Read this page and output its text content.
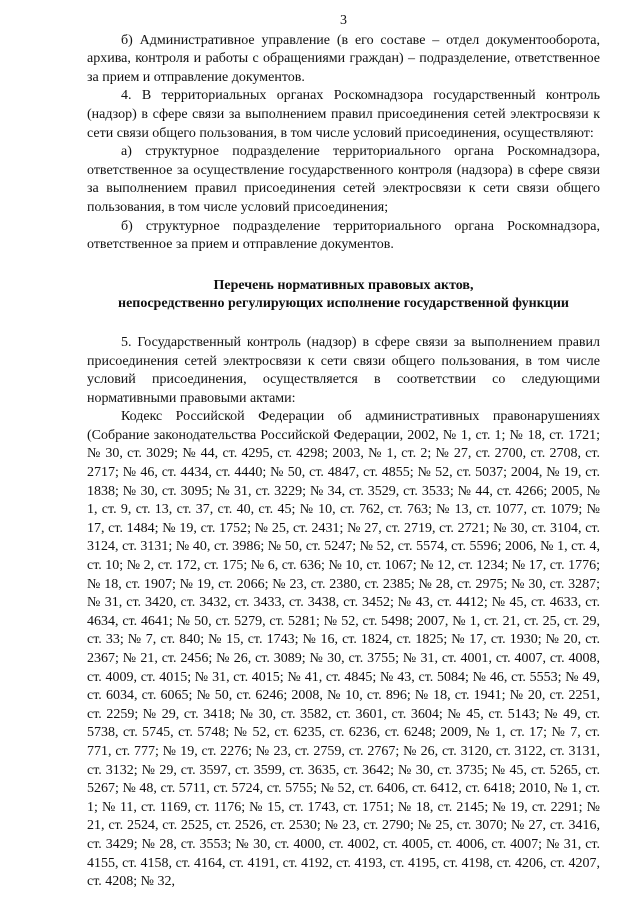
3

б) Административное управление (в его составе – отдел документооборота, архива, контроля и работы с обращениями граждан) – подразделение, ответственное за прием и отправление документов.

4. В территориальных органах Роскомнадзора государственный контроль (надзор) в сфере связи за выполнением правил присоединения сетей электросвязи к сети связи общего пользования, в том числе условий присоединения, осуществляют:

а) структурное подразделение территориального органа Роскомнадзора, ответственное за осуществление государственного контроля (надзора) в сфере связи за выполнением правил присоединения сетей электросвязи к сети связи общего пользования, в том числе условий присоединения;

б) структурное подразделение территориального органа Роскомнадзора, ответственное за прием и отправление документов.

Перечень нормативных правовых актов,
непосредственно регулирующих исполнение государственной функции

5. Государственный контроль (надзор) в сфере связи за выполнением правил присоединения сетей электросвязи к сети связи общего пользования, в том числе условий присоединения, осуществляется в соответствии со следующими нормативными правовыми актами:

Кодекс Российской Федерации об административных правонарушениях (Собрание законодательства Российской Федерации, 2002, № 1, ст. 1; № 18, ст. 1721; № 30, ст. 3029; № 44, ст. 4295, ст. 4298; 2003, № 1, ст. 2; № 27, ст. 2700, ст. 2708, ст. 2717; № 46, ст. 4434, ст. 4440; № 50, ст. 4847, ст. 4855; № 52, ст. 5037; 2004, № 19, ст. 1838; № 30, ст. 3095; № 31, ст. 3229; № 34, ст. 3529, ст. 3533; № 44, ст. 4266; 2005, № 1, ст. 9, ст. 13, ст. 37, ст. 40, ст. 45; № 10, ст. 762, ст. 763; № 13, ст. 1077, ст. 1079; № 17, ст. 1484; № 19, ст. 1752; № 25, ст. 2431; № 27, ст. 2719, ст. 2721; № 30, ст. 3104, ст. 3124, ст. 3131; № 40, ст. 3986; № 50, ст. 5247; № 52, ст. 5574, ст. 5596; 2006, № 1, ст. 4, ст. 10; № 2, ст. 172, ст. 175; № 6, ст. 636; № 10, ст. 1067; № 12, ст. 1234; № 17, ст. 1776; № 18, ст. 1907; № 19, ст. 2066; № 23, ст. 2380, ст. 2385; № 28, ст. 2975; № 30, ст. 3287; № 31, ст. 3420, ст. 3432, ст. 3433, ст. 3438, ст. 3452; № 43, ст. 4412; № 45, ст. 4633, ст. 4634, ст. 4641; № 50, ст. 5279, ст. 5281; № 52, ст. 5498; 2007, № 1, ст. 21, ст. 25, ст. 29, ст. 33; № 7, ст. 840; № 15, ст. 1743; № 16, ст. 1824, ст. 1825; № 17, ст. 1930; № 20, ст. 2367; № 21, ст. 2456; № 26, ст. 3089; № 30, ст. 3755; № 31, ст. 4001, ст. 4007, ст. 4008, ст. 4009, ст. 4015; № 31, ст. 4015; № 41, ст. 4845; № 43, ст. 5084; № 46, ст. 5553; № 49, ст. 6034, ст. 6065; № 50, ст. 6246; 2008, № 10, ст. 896; № 18, ст. 1941; № 20, ст. 2251, ст. 2259; № 29, ст. 3418; № 30, ст. 3582, ст. 3601, ст. 3604; № 45, ст. 5143; № 49, ст. 5738, ст. 5745, ст. 5748; № 52, ст. 6235, ст. 6236, ст. 6248; 2009, № 1, ст. 17; № 7, ст. 771, ст. 777; № 19, ст. 2276; № 23, ст. 2759, ст. 2767; № 26, ст. 3120, ст. 3122, ст. 3131, ст. 3132; № 29, ст. 3597, ст. 3599, ст. 3635, ст. 3642; № 30, ст. 3735; № 45, ст. 5265, ст. 5267; № 48, ст. 5711, ст. 5724, ст. 5755; № 52, ст. 6406, ст. 6412, ст. 6418; 2010, № 1, ст. 1; № 11, ст. 1169, ст. 1176; № 15, ст. 1743, ст. 1751; № 18, ст. 2145; № 19, ст. 2291; № 21, ст. 2524, ст. 2525, ст. 2526, ст. 2530; № 23, ст. 2790; № 25, ст. 3070; № 27, ст. 3416, ст. 3429; № 28, ст. 3553; № 30, ст. 4000, ст. 4002, ст. 4005, ст. 4006, ст. 4007; № 31, ст. 4155, ст. 4158, ст. 4164, ст. 4191, ст. 4192, ст. 4193, ст. 4195, ст. 4198, ст. 4206, ст. 4207, ст. 4208; № 32,
